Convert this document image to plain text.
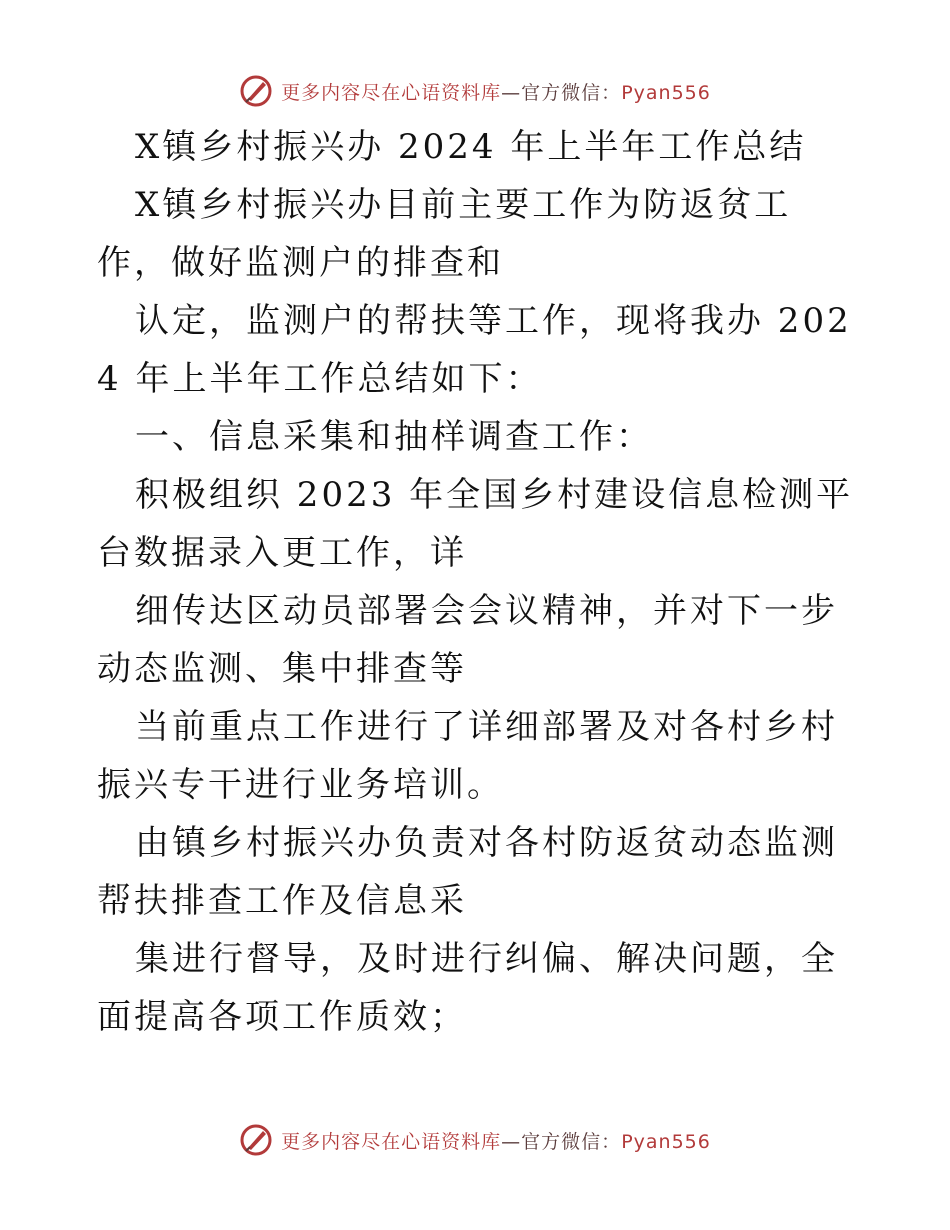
更多内容尽在心语资料库—官方微信：Pyan556

X镇乡村振兴办 2024 年上半年工作总结

X镇乡村振兴办目前主要工作为防返贫工作，做好监测户的排查和

认定，监测户的帮扶等工作，现将我办 2024 年上半年工作总结如下：

一、信息采集和抽样调查工作：

积极组织 2023 年全国乡村建设信息检测平台数据录入更工作，详

细传达区动员部署会会议精神，并对下一步动态监测、集中排查等

当前重点工作进行了详细部署及对各村乡村振兴专干进行业务培训。

由镇乡村振兴办负责对各村防返贫动态监测帮扶排查工作及信息采

集进行督导，及时进行纠偏、解决问题，全面提高各项工作质效；

更多内容尽在心语资料库—官方微信：Pyan556
